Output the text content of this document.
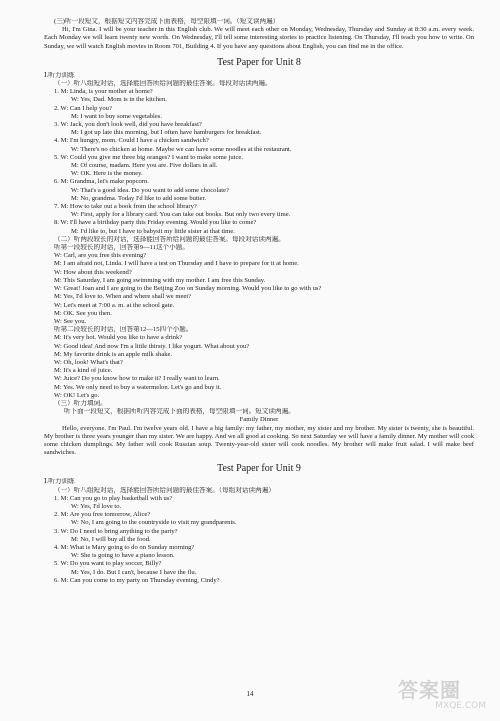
(三)听一段短文，根据短文内容完成下面表格，每空限填一词。（短文读两遍）
Hi, I'm Gina. I will be your teacher in this English club. We will meet each other on Monday, Wednesday, Thursday and Sunday at 8:30 a.m. every week. Each Monday we will learn twenty new words. On Wednesday, I'll tell some interesting stories to practice listening. On Thursday, I'll teach you how to write. On Sunday, we will watch English movies in Room 701, Building 4. If you have any questions about English, you can find me in the office.
Test Paper for Unit 8
Ⅰ.听力训练
（一）听八组短对话，选择能回答所给问题的最佳答案。每段对话读两遍。
1. M: Linda, is your mother at home?
W: Yes, Dad. Mom is in the kitchen.
2. W: Can I help you?
M: I want to buy some vegetables.
3. W: Jack, you don't look well, did you have breakfast?
M: I got up late this morning, but I often have hamburgers for breakfast.
4. M: I'm hungry, mom. Could I have a chicken sandwich?
W: There's no chicken at home. Maybe we can have some noodles at the restaurant.
5. W: Could you give me three big oranges? I want to make some juice.
M: Of course, madam. Here you are. Five dollars in all.
W: OK. Here is the money.
6. M: Grandma, let's make popcorn.
W: That's a good idea. Do you want to add some chocolate?
M: No, grandma. Today I'd like to add some butter.
7. M: How to take out a book from the school library?
W: First, apply for a library card. You can take out books. But only two every time.
8. W: I'll have a birthday party this Friday evening. Would you like to come?
M: I'd like to, but I have to babysit my little sister at that time.
（二）听两段较长的对话，选择能回答所给问题的最佳答案。每段对话读两遍。
听第一段较长的对话，回答第9—11这个小题。
W: Carl, are you free this evening?
M: I am afraid not, Linda. I will have a test on Thursday and I have to prepare for it at home.
W: How about this weekend?
M: This Saturday, I am going swimming with my mother. I am free this Sunday.
W: Great! Joan and I are going to the Beijing Zoo on Sunday morning. Would you like to go with us?
M: Yes, I'd love to. When and where shall we meet?
W: Let's meet at 7:00 a. m. at the school gate.
M: OK. See you then.
W: See you.
听第二段较长的对话，回答第12—15四个小题。
M: It's very hot. Would you like to have a drink?
W: Good idea! And now I'm a little thirsty. I like yogurt. What about you?
M: My favorite drink is an apple milk shake.
W: Oh, look! What's that?
M: It's a kind of juice.
W: Juice? Do you know how to make it? I really want to learn.
M: Yes. We only need to buy a watermelon. Let's go and buy it.
W: OK! Let's go.
（三）听力填词。
听下面一段短文，根据所听内容完成下面的表格，每空限填一词。短文读两遍。
Family Dinner
Hello, everyone. I'm Paul. I'm twelve years old. I have a big family: my father, my mother, my sister and my brother. My sister is twenty, she is beautiful. My brother is three years younger than my sister. We are happy. And we all good at cooking. So next Saturday we will have a family dinner. My mother will cook some chicken dumplings. My father will cook Russian soup. Twenty-year-old sister will cook noodles. My brother will make fruit salad. I will make beef sandwiches.
Test Paper for Unit 9
Ⅰ.听力训练
（一）听八组短对话，选择能回答所给问题的最佳答案。（每组对话读两遍）
1. M: Can you go to play basketball with us?
W: Yes, I'd love to.
2. M: Are you free tomorrow, Alice?
W: No, I am going to the countryside to visit my grandparents.
3. W: Do I need to bring anything to the party?
M: No, I will buy all the food.
4. M: What is Mary going to do on Sunday morning?
W: She is going to have a piano lesson.
5. W: Do you want to play soccer, Billy?
M: Yes, I do. But I can't, because I have the flu.
6. M: Can you come to my party on Thursday evening, Cindy?
14	答案圈
MXQE.COM
